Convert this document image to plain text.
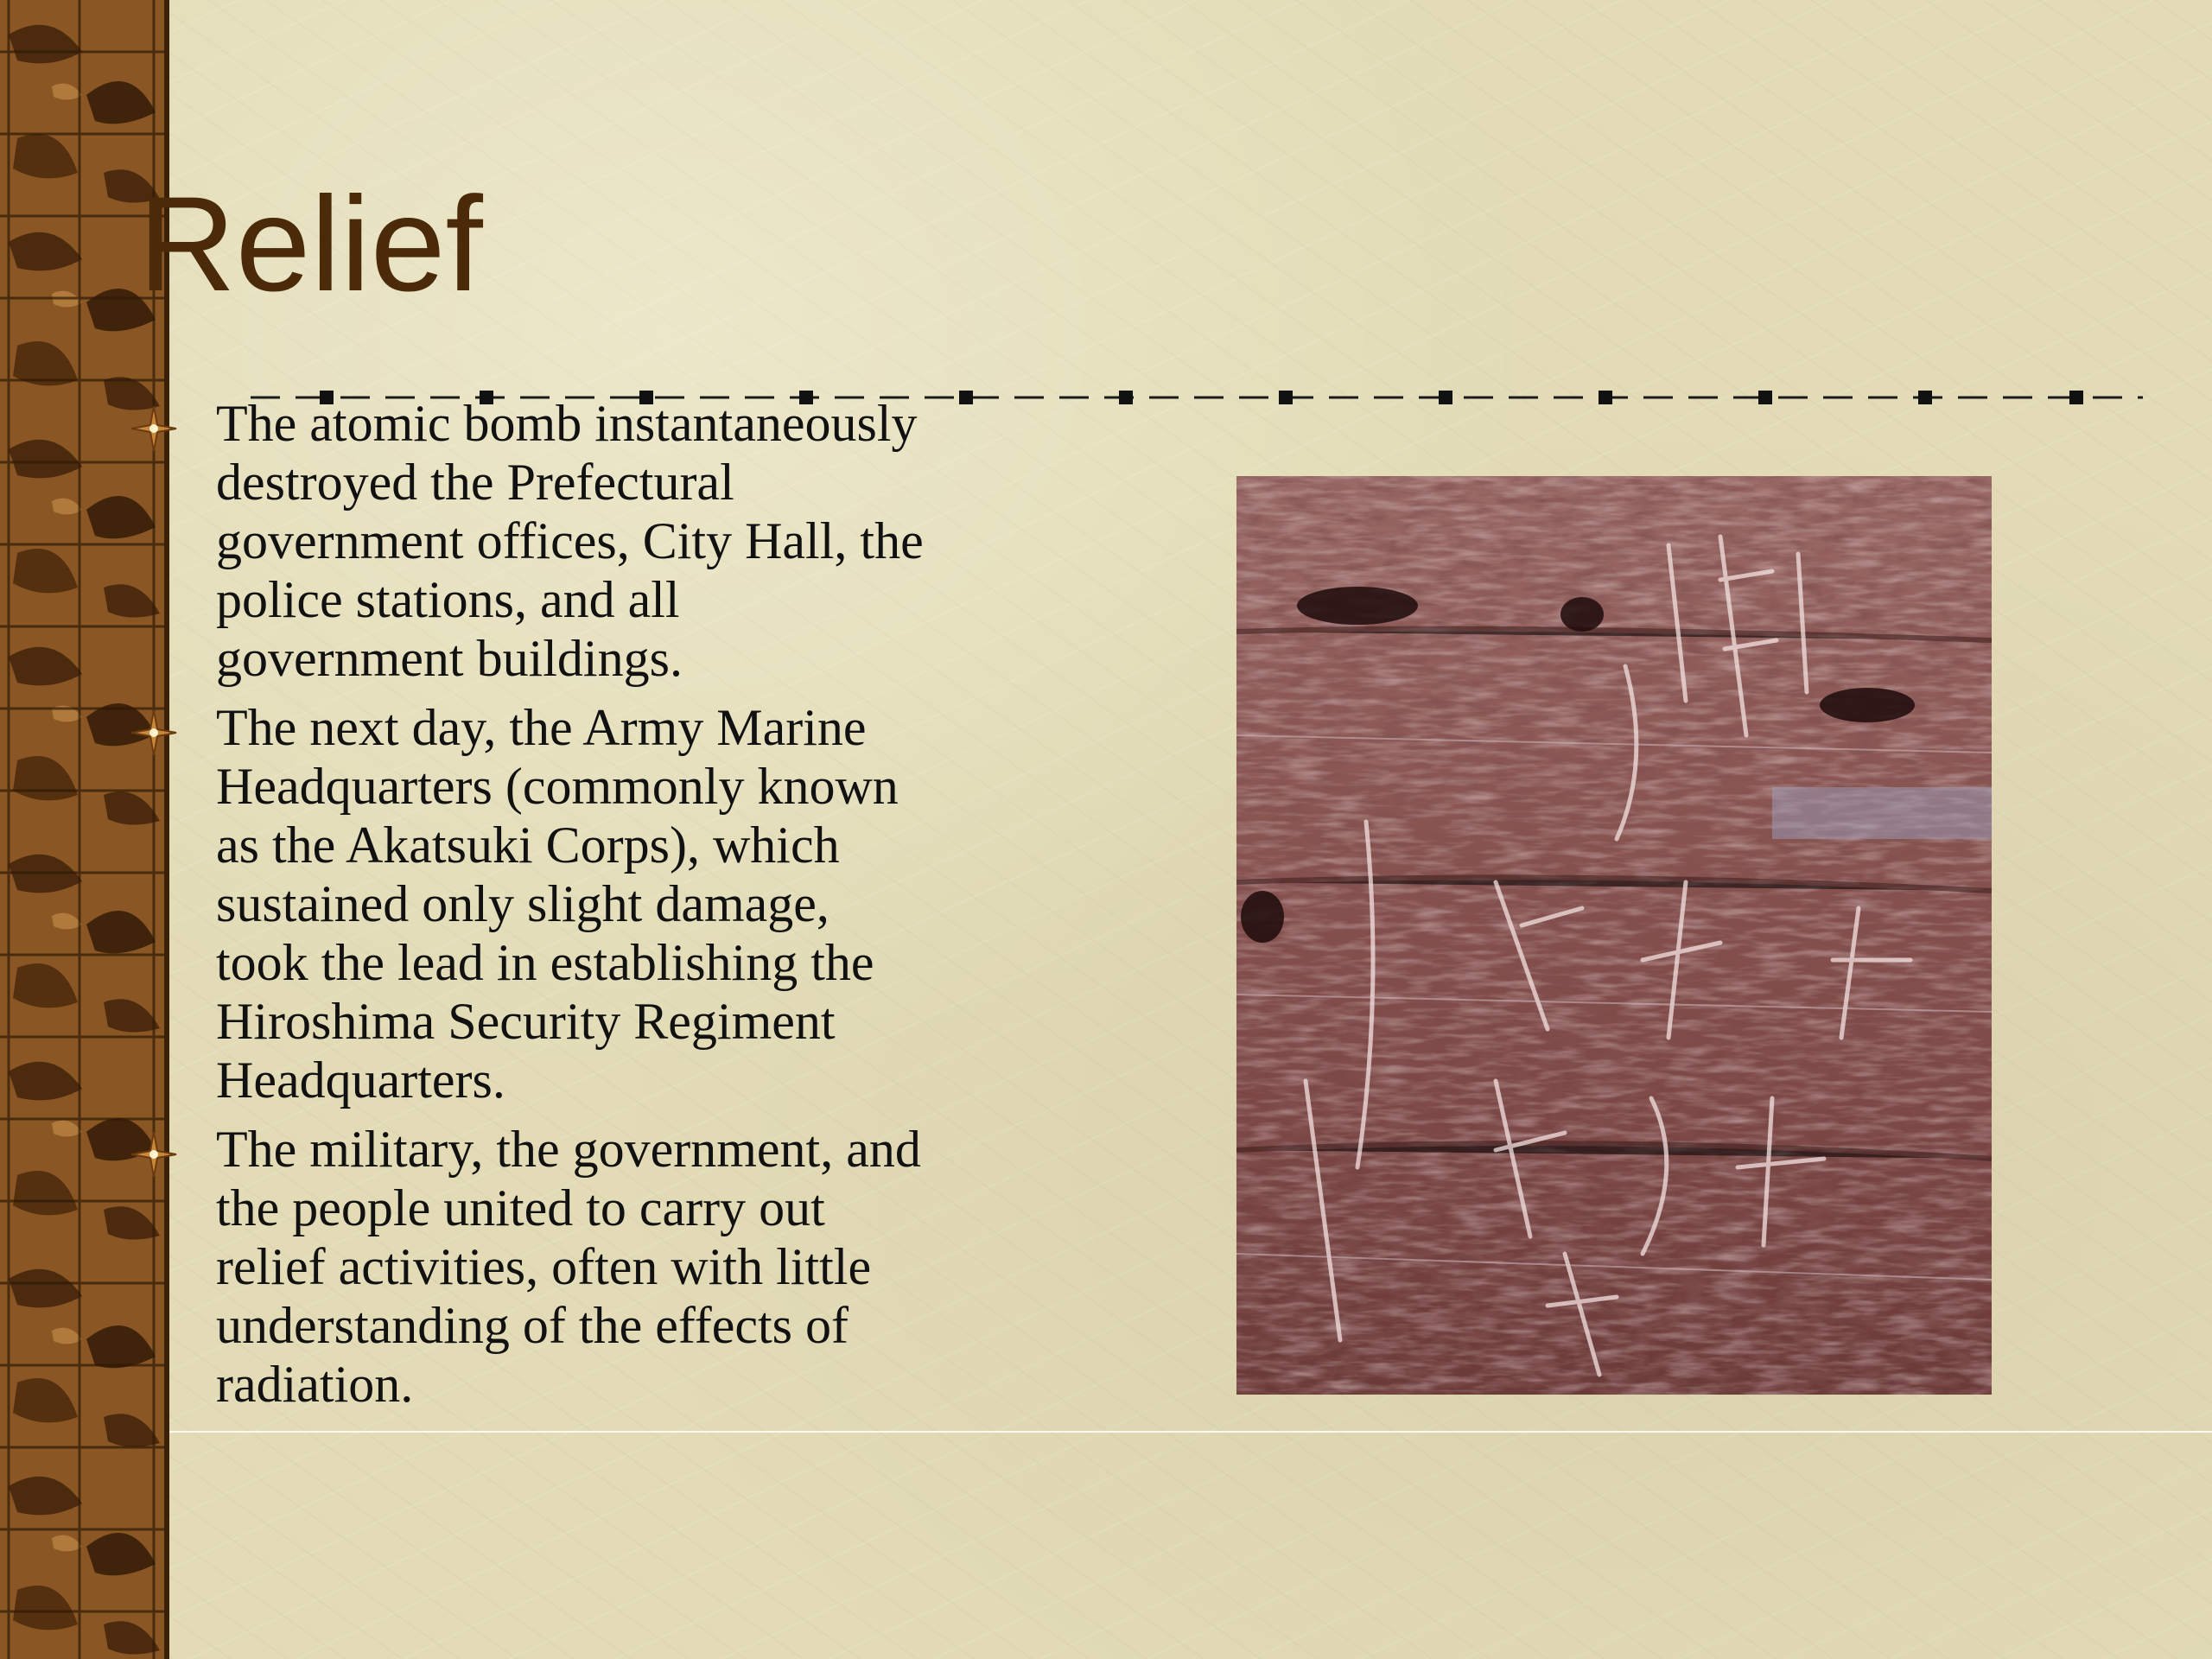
Relief
The atomic bomb instantaneously
destroyed the Prefectural
government offices, City Hall, the
police stations, and all
government buildings.
The next day, the Army Marine
Headquarters (commonly known
as the Akatsuki Corps), which
sustained only slight damage,
took the lead in establishing the
Hiroshima Security Regiment
Headquarters.
The military, the government, and
the people united to carry out
relief activities, often with little
understanding of the effects of
radiation.
